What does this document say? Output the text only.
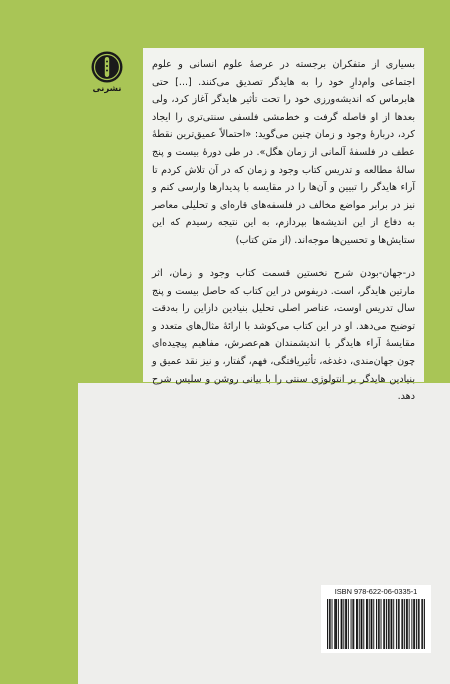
نشرنی

بسیاری از متفکران برجسته در عرصهٔ علوم انسانی و علوم اجتماعی وام‌دارِ خود را به هایدگر تصدیق می‌کنند. [...] حتی هابرماس که اندیشه‌ورزی خود را تحت تأثیر هایدگر آغاز کرد، ولی بعدها از او فاصله گرفت و خط‌مشی فلسفی سنتی‌تری را ایجاد کرد، دربارهٔ وجود و زمان چنین می‌گوید: «احتمالاً عمیق‌ترین نقطهٔ عطف در فلسفهٔ آلمانی از زمان هگل». در طی دورهٔ بیست و پنج سالهٔ مطالعه و تدریس کتاب وجود و زمان که در آن تلاش کردم تا آراء هایدگر را تبیین و آن‌ها را در مقایسه با پدیدارها وارسی کنم و نیز در برابر مواضع مخالف در فلسفه‌های قاره‌ای و تحلیلی معاصر به دفاع از این اندیشه‌ها بپردازم، به این نتیجه رسیدم که این ستایش‌ها و تحسین‌ها موجه‌اند. (از متن کتاب)

در-جهان-بودن شرح نخستین قسمت کتاب وجود و زمان، اثر مارتین هایدگر، است. دریفوس در این کتاب که حاصل بیست و پنج سال تدریس اوست، عناصر اصلی تحلیل بنیادین دازاین را به‌دقت توضیح می‌دهد. او در این کتاب می‌کوشد با ارائهٔ مثال‌های متعدد و مقایسهٔ آراء هایدگر با اندیشمندان هم‌عصرش، مفاهیم پیچیده‌ای چون جهان‌مندی، دغدغه، تأثیریافتگی، فهم، گفتار، و نیز نقد عمیق و بنیادین هایدگر بر انتولوژی سنتی را با بیانی روشن و سلیس شرح دهد.

ISBN 978-622-06-0335-1
